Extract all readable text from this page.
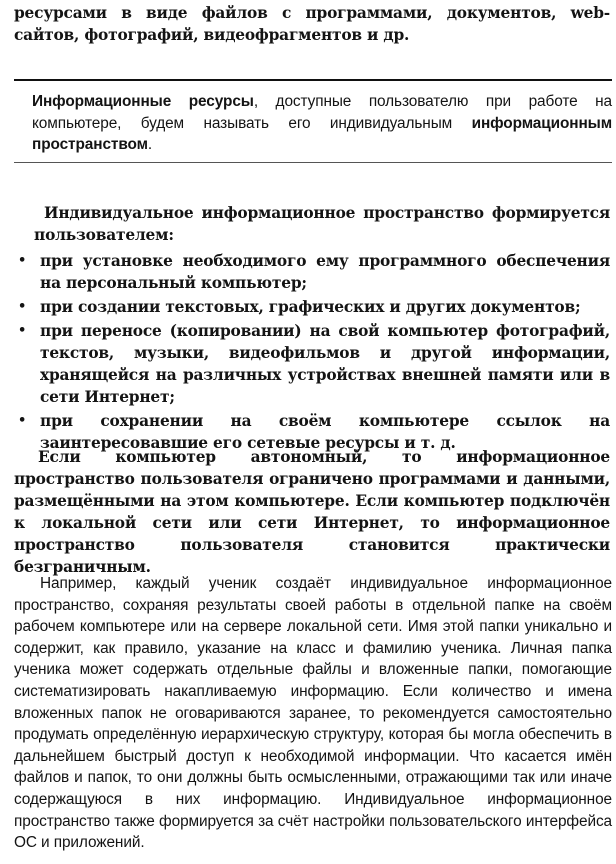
ресурсами в виде файлов с программами, документов, web-сайтов, фотографий, видеофрагментов и др.

Информационные ресурсы, доступные пользователю при работе на компьютере, будем называть его индивидуальным информационным пространством.

Индивидуальное информационное пространство формируется пользователем:

• при установке необходимого ему программного обеспечения на персональный компьютер;
• при создании текстовых, графических и других документов;
• при переносе (копировании) на свой компьютер фотографий, текстов, музыки, видеофильмов и другой информации, хранящейся на различных устройствах внешней памяти или в сети Интернет;
• при сохранении на своём компьютере ссылок на заинтересовавшие его сетевые ресурсы и т. д.

Если компьютер автономный, то информационное пространство пользователя ограничено программами и данными, размещёнными на этом компьютере. Если компьютер подключён к локальной сети или сети Интернет, то информационное пространство пользователя становится практически безграничным.

Например, каждый ученик создаёт индивидуальное информационное пространство, сохраняя результаты своей работы в отдельной папке на своём рабочем компьютере или на сервере локальной сети. Имя этой папки уникально и содержит, как правило, указание на класс и фамилию ученика. Личная папка ученика может содержать отдельные файлы и вложенные папки, помогающие систематизировать накапливаемую информацию. Если количество и имена вложенных папок не оговариваются заранее, то рекомендуется самостоятельно продумать определённую иерархическую структуру, которая бы могла обеспечить в дальнейшем быстрый доступ к необходимой информации. Что касается имён файлов и папок, то они должны быть осмысленными, отражающими так или иначе содержащуюся в них информацию. Индивидуальное информационное пространство также формируется за счёт настройки пользовательского интерфейса ОС и приложений.
